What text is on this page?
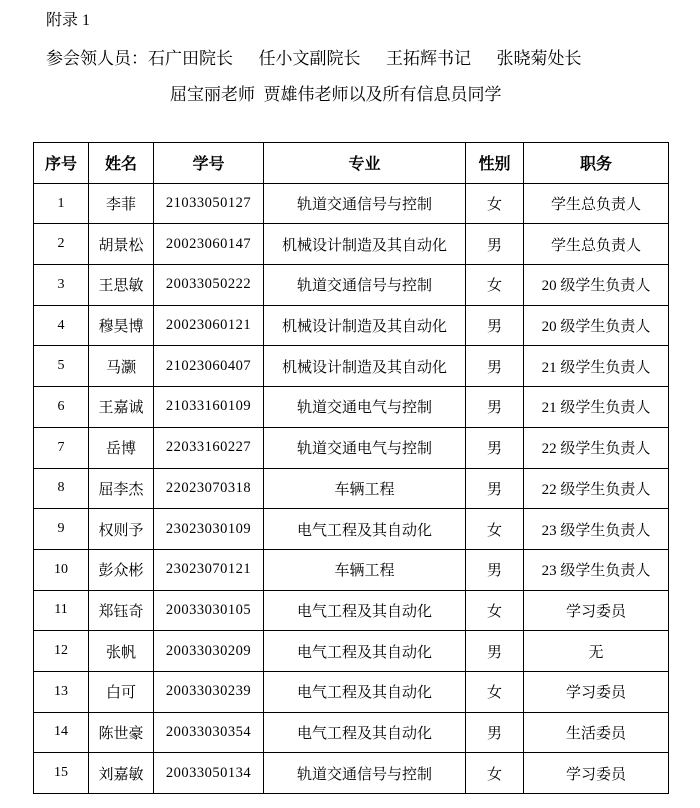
附录 1
参会领人员：石广田院长      任小文副院长      王拓辉书记      张晓菊处长
屈宝丽老师  贾雄伟老师以及所有信息员同学
序号	姓名	学号	专业	性别	职务
1	李菲	21033050127	轨道交通信号与控制	女	学生总负责人
2	胡景松	20023060147	机械设计制造及其自动化	男	学生总负责人
3	王思敏	20033050222	轨道交通信号与控制	女	20 级学生负责人
4	穆昊博	20023060121	机械设计制造及其自动化	男	20 级学生负责人
5	马灏	21023060407	机械设计制造及其自动化	男	21 级学生负责人
6	王嘉诚	21033160109	轨道交通电气与控制	男	21 级学生负责人
7	岳博	22033160227	轨道交通电气与控制	男	22 级学生负责人
8	屈李杰	22023070318	车辆工程	男	22 级学生负责人
9	权则予	23023030109	电气工程及其自动化	女	23 级学生负责人
10	彭众彬	23023070121	车辆工程	男	23 级学生负责人
11	郑钰奇	20033030105	电气工程及其自动化	女	学习委员
12	张帆	20033030209	电气工程及其自动化	男	无
13	白可	20033030239	电气工程及其自动化	女	学习委员
14	陈世豪	20033030354	电气工程及其自动化	男	生活委员
15	刘嘉敏	20033050134	轨道交通信号与控制	女	学习委员
